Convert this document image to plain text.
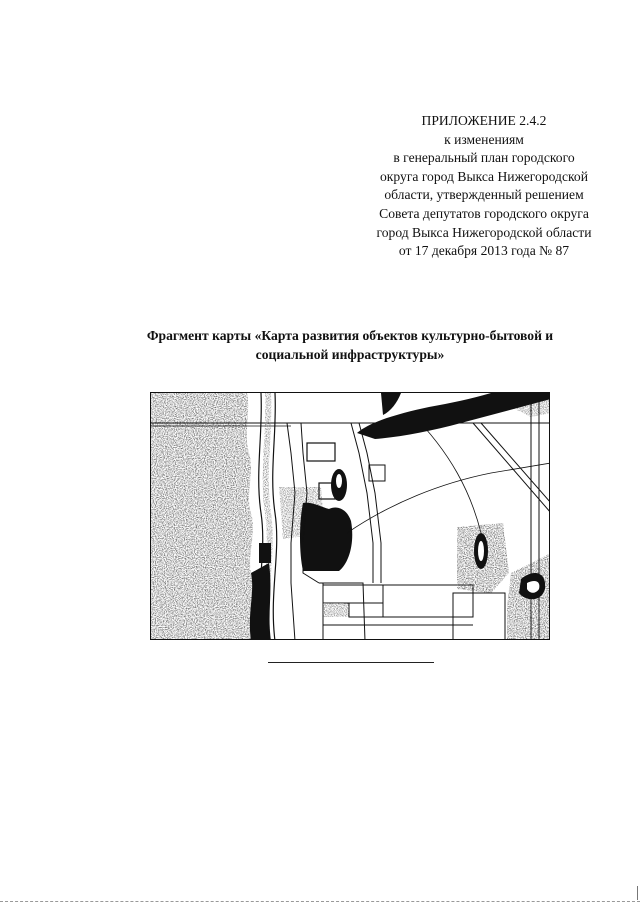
ПРИЛОЖЕНИЕ 2.4.2
к изменениям
в генеральный план городского
округа город Выкса Нижегородской
области, утвержденный решением
Совета депутатов городского округа
город Выкса Нижегородской области
от 17 декабря 2013 года № 87
Фрагмент карты «Карта развития объектов культурно-бытовой и
социальной инфраструктуры»
